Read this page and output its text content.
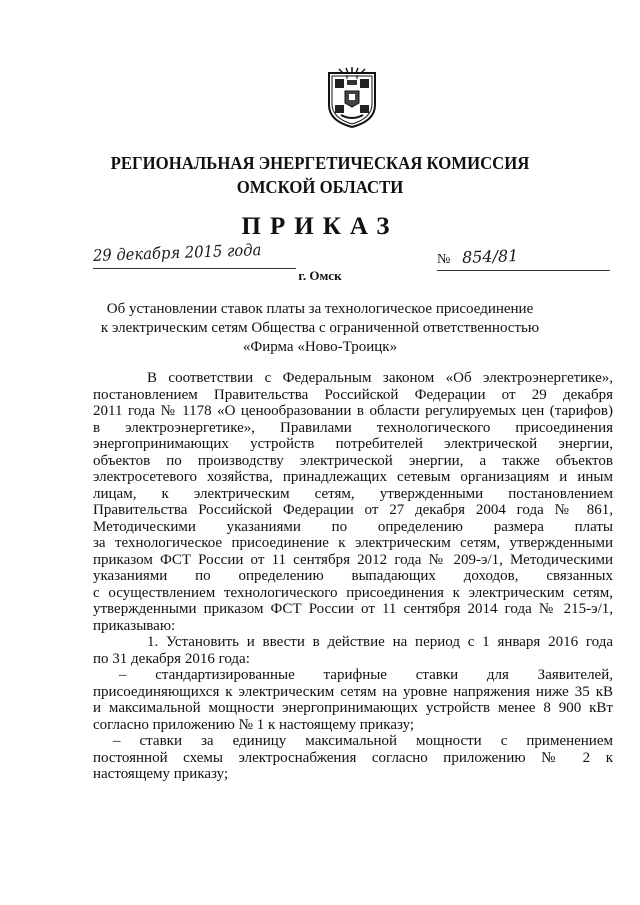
РЕГИОНАЛЬНАЯ ЭНЕРГЕТИЧЕСКАЯ КОМИССИЯ
ОМСКОЙ ОБЛАСТИ
ПРИКАЗ
29 декабря 2015 года
г. Омск
№ 854/81
Об установлении ставок платы за технологическое присоединение
к электрическим сетям Общества с ограниченной ответственностью
«Фирма «Ново-Троицк»
В соответствии с Федеральным законом «Об электроэнергетике»,
постановлением Правительства Российской Федерации от 29 декабря
2011 года № 1178 «О ценообразовании в области регулируемых цен (тарифов)
в электроэнергетике», Правилами технологического присоединения
энергопринимающих устройств потребителей электрической энергии,
объектов по производству электрической энергии, а также объектов
электросетевого хозяйства, принадлежащих сетевым организациям и иным
лицам, к электрическим сетям, утвержденными постановлением
Правительства Российской Федерации от 27 декабря 2004 года № 861,
Методическими указаниями по определению размера платы
за технологическое присоединение к электрическим сетям, утвержденными
приказом ФСТ России от 11 сентября 2012 года № 209-э/1, Методическими
указаниями по определению выпадающих доходов, связанных
с осуществлением технологического присоединения к электрическим сетям,
утвержденными приказом ФСТ России от 11 сентября 2014 года № 215-э/1,
приказываю:
1. Установить и ввести в действие на период с 1 января 2016 года
по 31 декабря 2016 года:
– стандартизированные тарифные ставки для Заявителей,
присоединяющихся к электрическим сетям на уровне напряжения ниже 35 кВ
и максимальной мощности энергопринимающих устройств менее 8 900 кВт
согласно приложению № 1 к настоящему приказу;
– ставки за единицу максимальной мощности с применением
постоянной схемы электроснабжения согласно приложению № 2 к
настоящему приказу;
